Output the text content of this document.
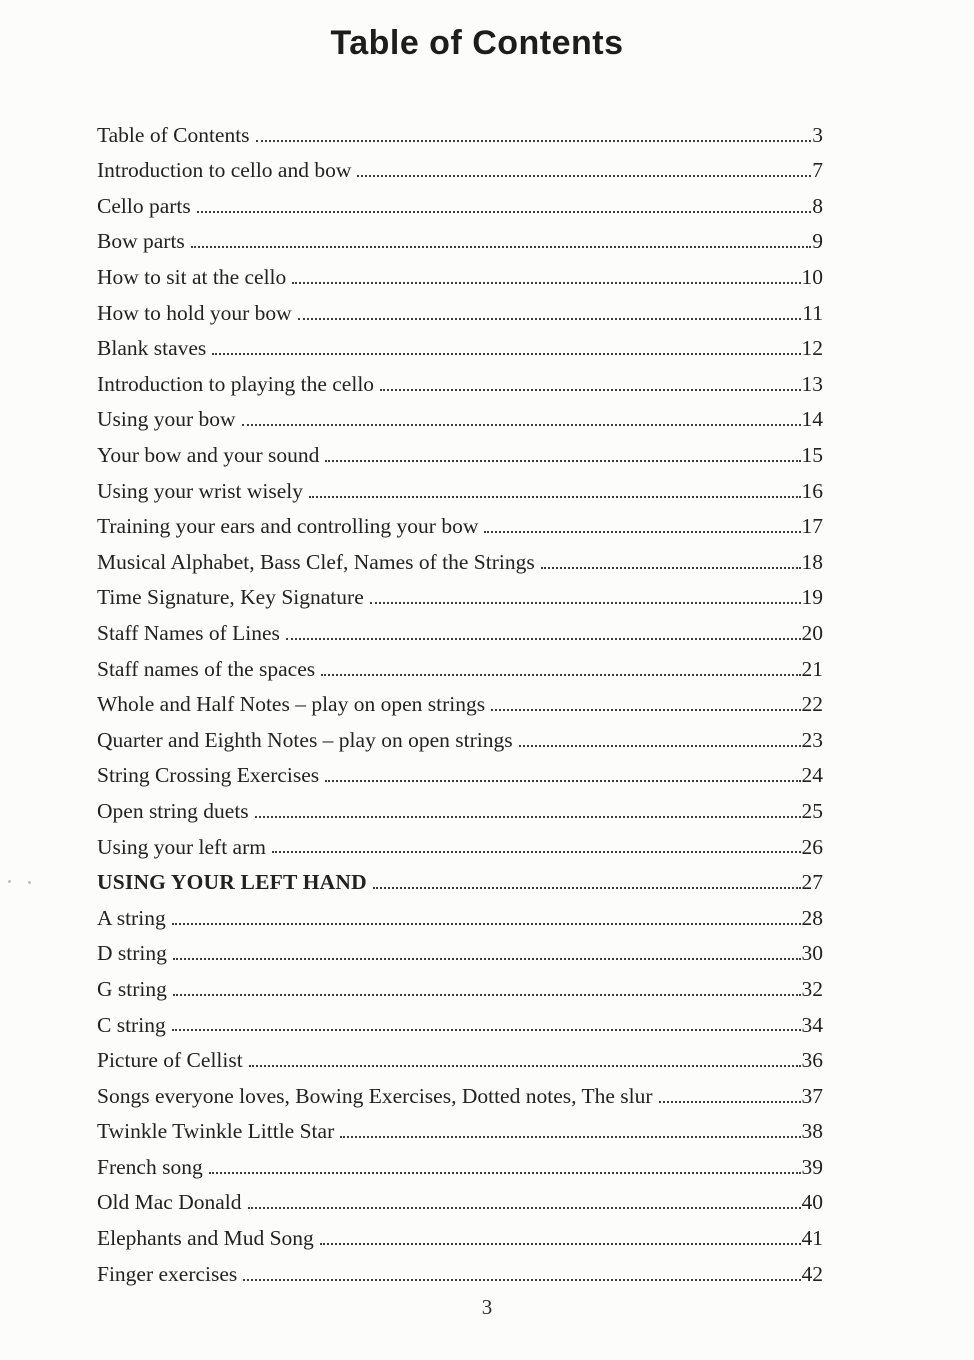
Table of Contents
Table of Contents	3
Introduction to cello and bow	7
Cello parts	8
Bow parts	9
How to sit at the cello	10
How to hold your bow	11
Blank staves	12
Introduction to playing the cello	13
Using your bow	14
Your bow and your sound	15
Using your wrist wisely	16
Training your ears and controlling your bow	17
Musical Alphabet, Bass Clef, Names of the Strings	18
Time Signature, Key Signature	19
Staff Names of Lines	20
Staff names of the spaces	21
Whole and Half Notes – play on open strings	22
Quarter and Eighth Notes – play on open strings	23
String Crossing Exercises	24
Open string duets	25
Using your left arm	26
USING YOUR LEFT HAND	27
A string	28
D string	30
G string	32
C string	34
Picture of Cellist	36
Songs everyone loves, Bowing Exercises, Dotted notes, The slur	37
Twinkle Twinkle Little Star	38
French song	39
Old Mac Donald	40
Elephants and Mud Song	41
Finger exercises	42
3
